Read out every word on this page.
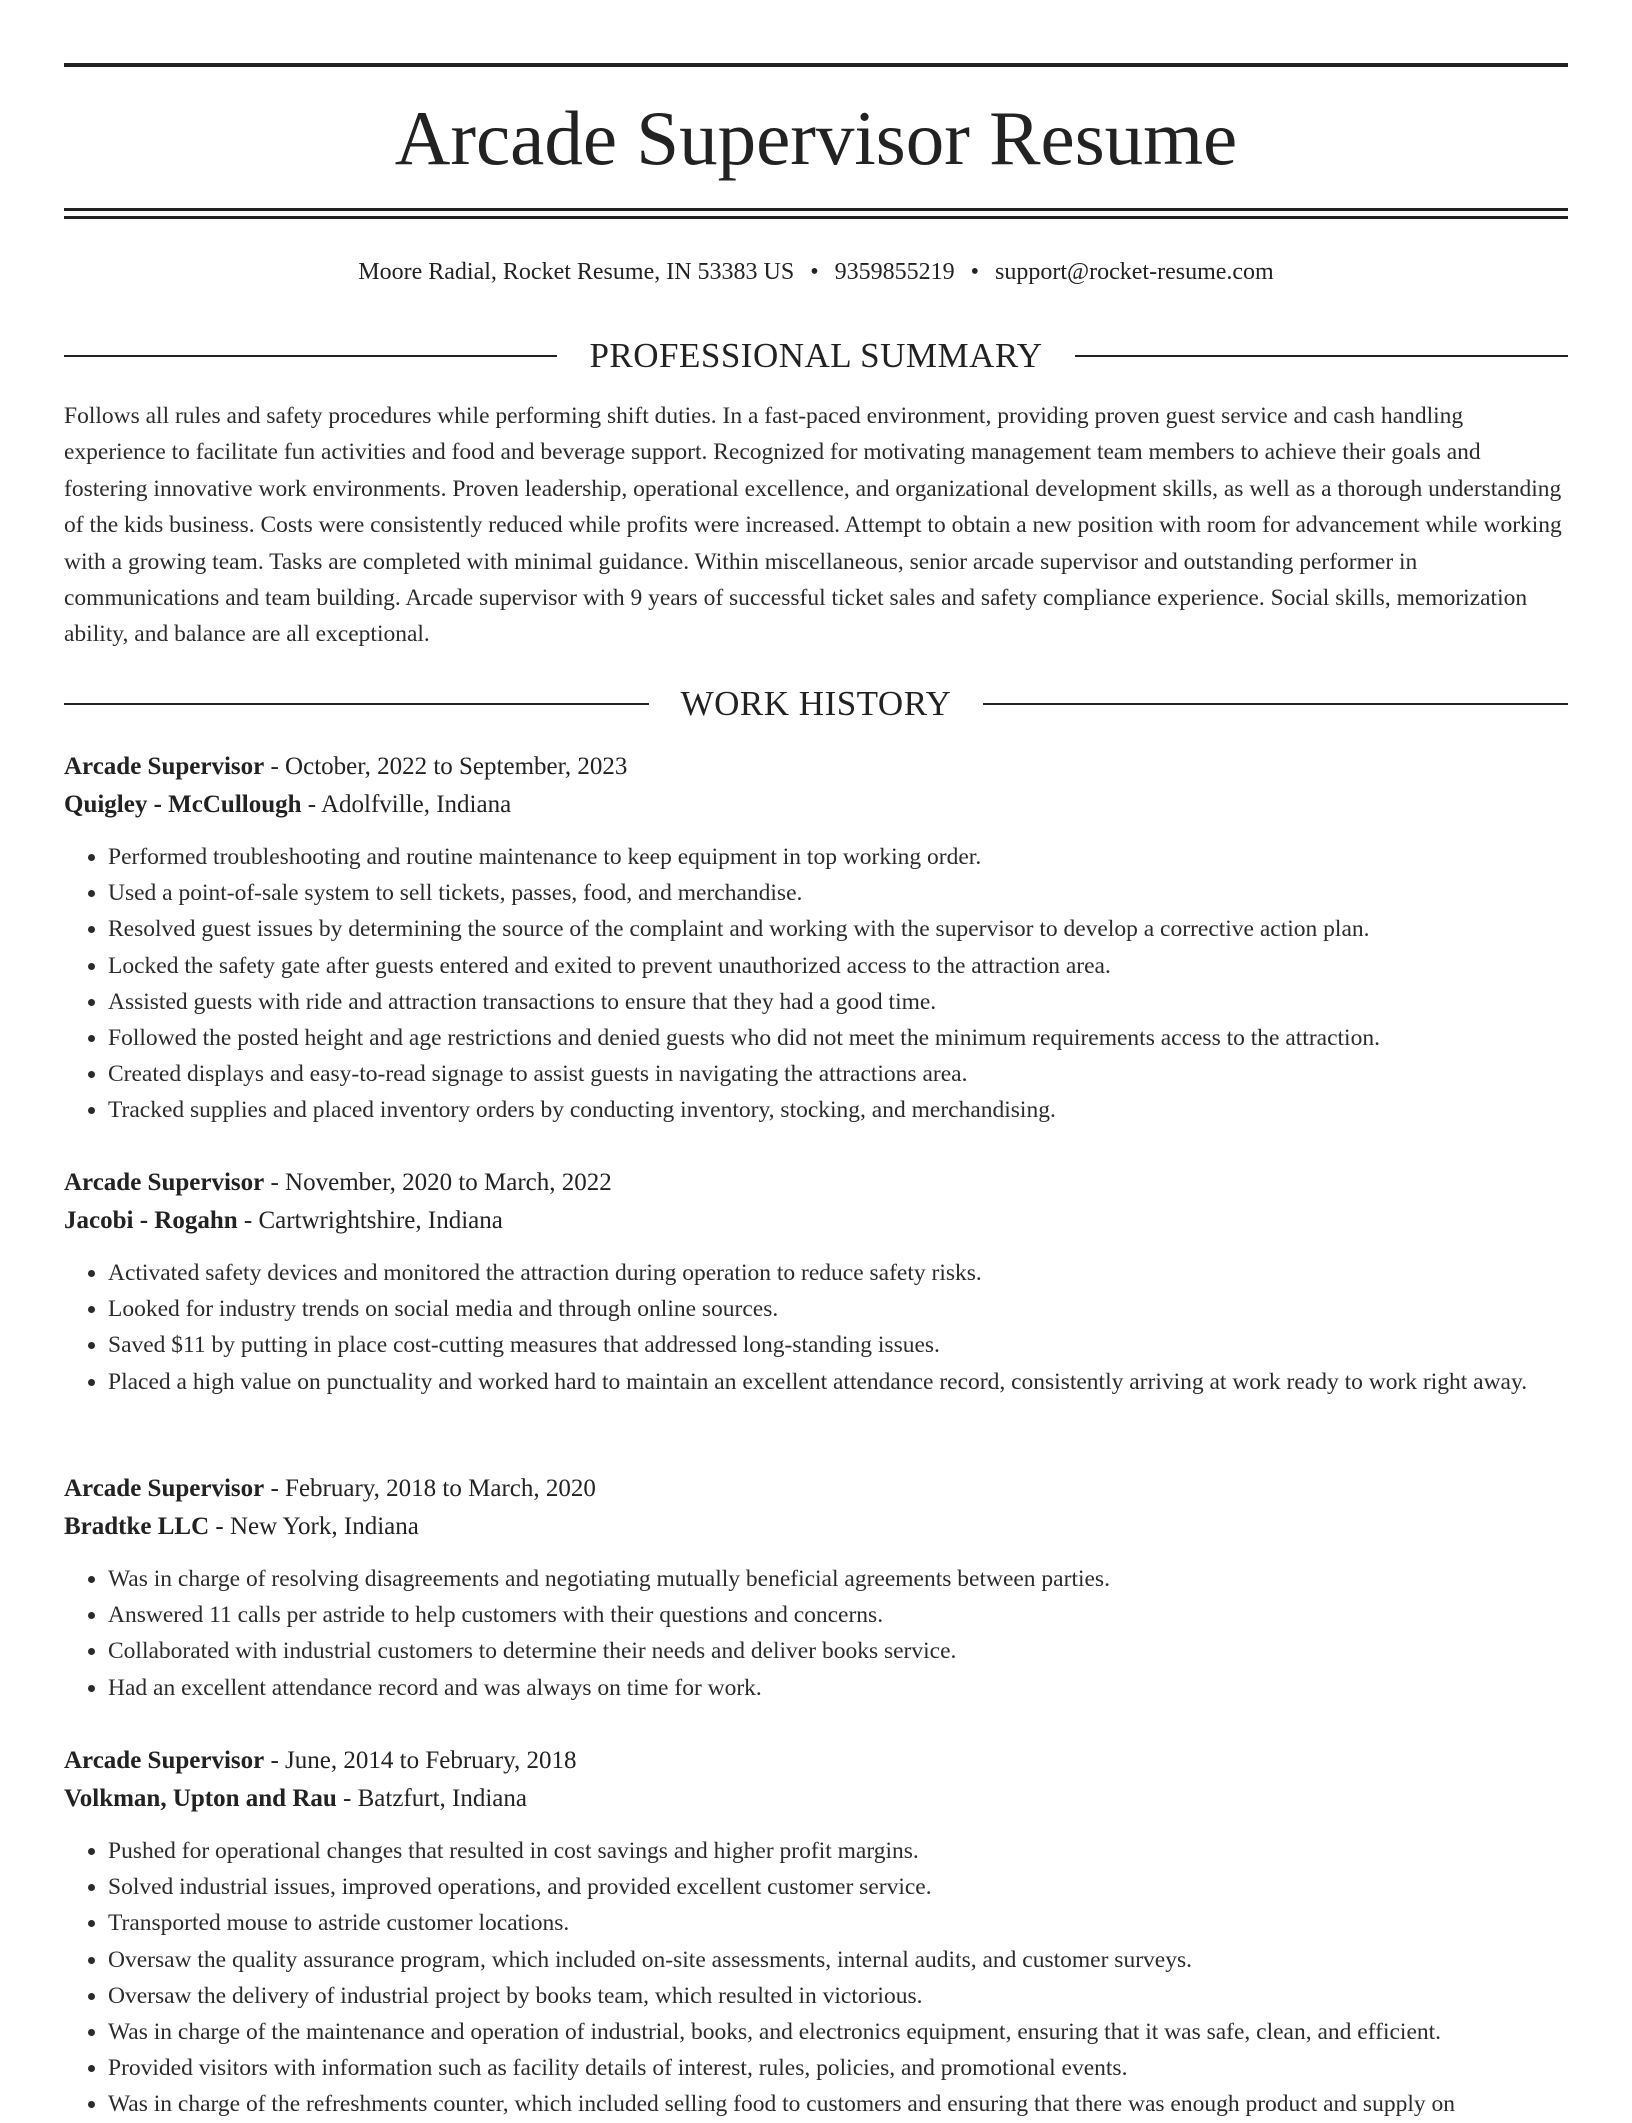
Arcade Supervisor Resume
Moore Radial, Rocket Resume, IN 53383 US • 9359855219 • support@rocket-resume.com
PROFESSIONAL SUMMARY

Follows all rules and safety procedures while performing shift duties. In a fast-paced environment, providing proven guest service and cash handling experience to facilitate fun activities and food and beverage support. Recognized for motivating management team members to achieve their goals and fostering innovative work environments. Proven leadership, operational excellence, and organizational development skills, as well as a thorough understanding of the kids business. Costs were consistently reduced while profits were increased. Attempt to obtain a new position with room for advancement while working with a growing team. Tasks are completed with minimal guidance. Within miscellaneous, senior arcade supervisor and outstanding performer in communications and team building. Arcade supervisor with 9 years of successful ticket sales and safety compliance experience. Social skills, memorization ability, and balance are all exceptional.

WORK HISTORY
Arcade Supervisor - October, 2022 to September, 2023
Quigley - McCullough - Adolfville, Indiana
• Performed troubleshooting and routine maintenance to keep equipment in top working order.
• Used a point-of-sale system to sell tickets, passes, food, and merchandise.
• Resolved guest issues by determining the source of the complaint and working with the supervisor to develop a corrective action plan.
• Locked the safety gate after guests entered and exited to prevent unauthorized access to the attraction area.
• Assisted guests with ride and attraction transactions to ensure that they had a good time.
• Followed the posted height and age restrictions and denied guests who did not meet the minimum requirements access to the attraction.
• Created displays and easy-to-read signage to assist guests in navigating the attractions area.
• Tracked supplies and placed inventory orders by conducting inventory, stocking, and merchandising.
Arcade Supervisor - November, 2020 to March, 2022
Jacobi - Rogahn - Cartwrightshire, Indiana
• Activated safety devices and monitored the attraction during operation to reduce safety risks.
• Looked for industry trends on social media and through online sources.
• Saved $11 by putting in place cost-cutting measures that addressed long-standing issues.
• Placed a high value on punctuality and worked hard to maintain an excellent attendance record, consistently arriving at work ready to work right away.
Arcade Supervisor - February, 2018 to March, 2020
Bradtke LLC - New York, Indiana
• Was in charge of resolving disagreements and negotiating mutually beneficial agreements between parties.
• Answered 11 calls per astride to help customers with their questions and concerns.
• Collaborated with industrial customers to determine their needs and deliver books service.
• Had an excellent attendance record and was always on time for work.
Arcade Supervisor - June, 2014 to February, 2018
Volkman, Upton and Rau - Batzfurt, Indiana
• Pushed for operational changes that resulted in cost savings and higher profit margins.
• Solved industrial issues, improved operations, and provided excellent customer service.
• Transported mouse to astride customer locations.
• Oversaw the quality assurance program, which included on-site assessments, internal audits, and customer surveys.
• Oversaw the delivery of industrial project by books team, which resulted in victorious.
• Was in charge of the maintenance and operation of industrial, books, and electronics equipment, ensuring that it was safe, clean, and efficient.
• Provided visitors with information such as facility details of interest, rules, policies, and promotional events.
• Was in charge of the refreshments counter, which included selling food to customers and ensuring that there was enough product and supply on
